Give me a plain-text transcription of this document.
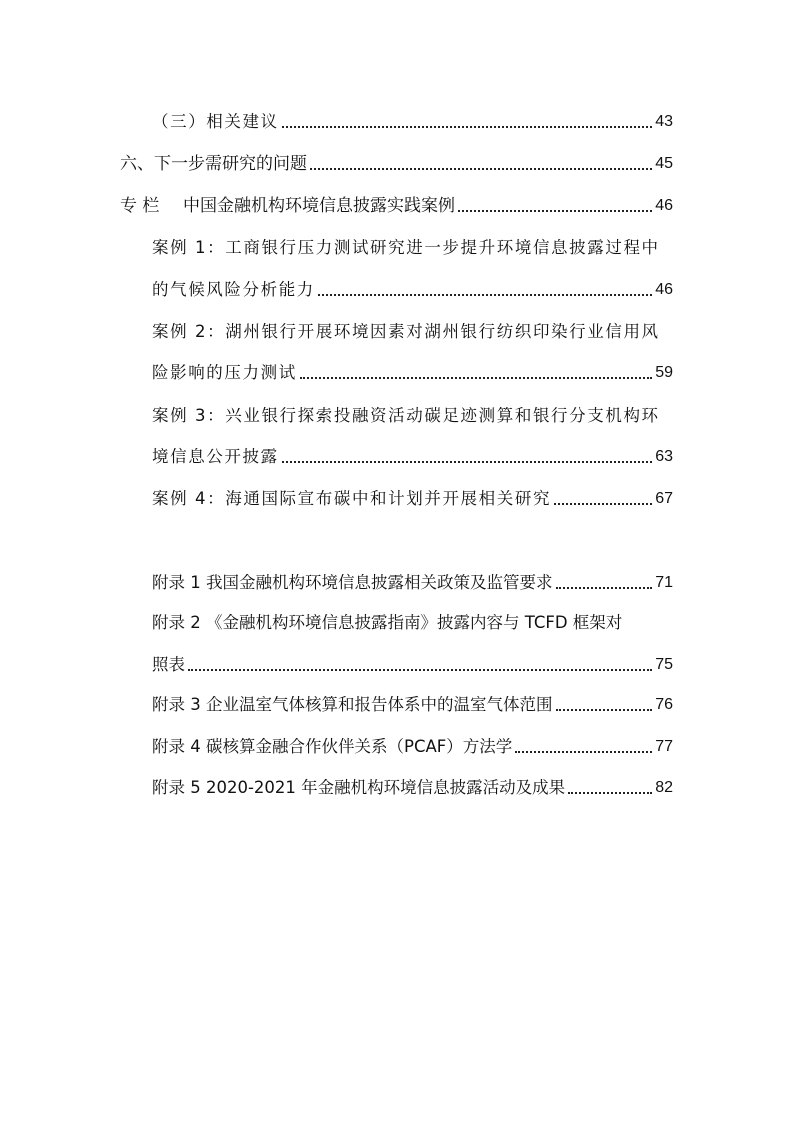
（三）相关建议	43
六、下一步需研究的问题	45
专 栏	中国金融机构环境信息披露实践案例	46
案例 1：工商银行压力测试研究进一步提升环境信息披露过程中
的气候风险分析能力	46
案例 2：湖州银行开展环境因素对湖州银行纺织印染行业信用风
险影响的压力测试	59
案例 3：兴业银行探索投融资活动碳足迹测算和银行分支机构环
境信息公开披露	63
案例 4：海通国际宣布碳中和计划并开展相关研究	67
附录 1 我国金融机构环境信息披露相关政策及监管要求	71
附录 2 《金融机构环境信息披露指南》披露内容与 TCFD 框架对
照表	75
附录 3 企业温室气体核算和报告体系中的温室气体范围	76
附录 4 碳核算金融合作伙伴关系（PCAF）方法学	77
附录 5 2020-2021 年金融机构环境信息披露活动及成果	82
